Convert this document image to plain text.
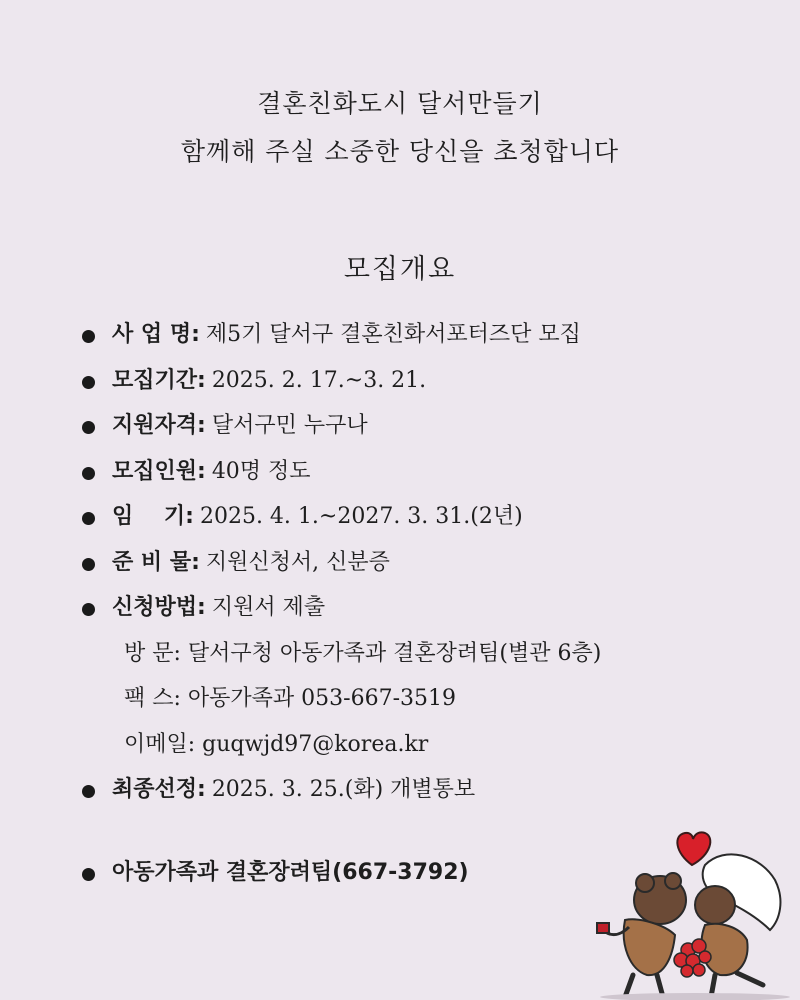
결혼친화도시 달서만들기
함께해 주실 소중한 당신을 초청합니다
모집개요
사 업 명: 제5기 달서구 결혼친화서포터즈단 모집
모집기간: 2025. 2. 17.~3. 21.
지원자격: 달서구민 누구나
모집인원: 40명 정도
임    기: 2025. 4. 1.~2027. 3. 31.(2년)
준 비 물: 지원신청서, 신분증
신청방법: 지원서 제출
방 문: 달서구청 아동가족과 결혼장려팀(별관 6층)
팩 스: 아동가족과 053-667-3519
이메일: guqwjd97@korea.kr
최종선정: 2025. 3. 25.(화) 개별통보
아동가족과 결혼장려팀(667-3792)
